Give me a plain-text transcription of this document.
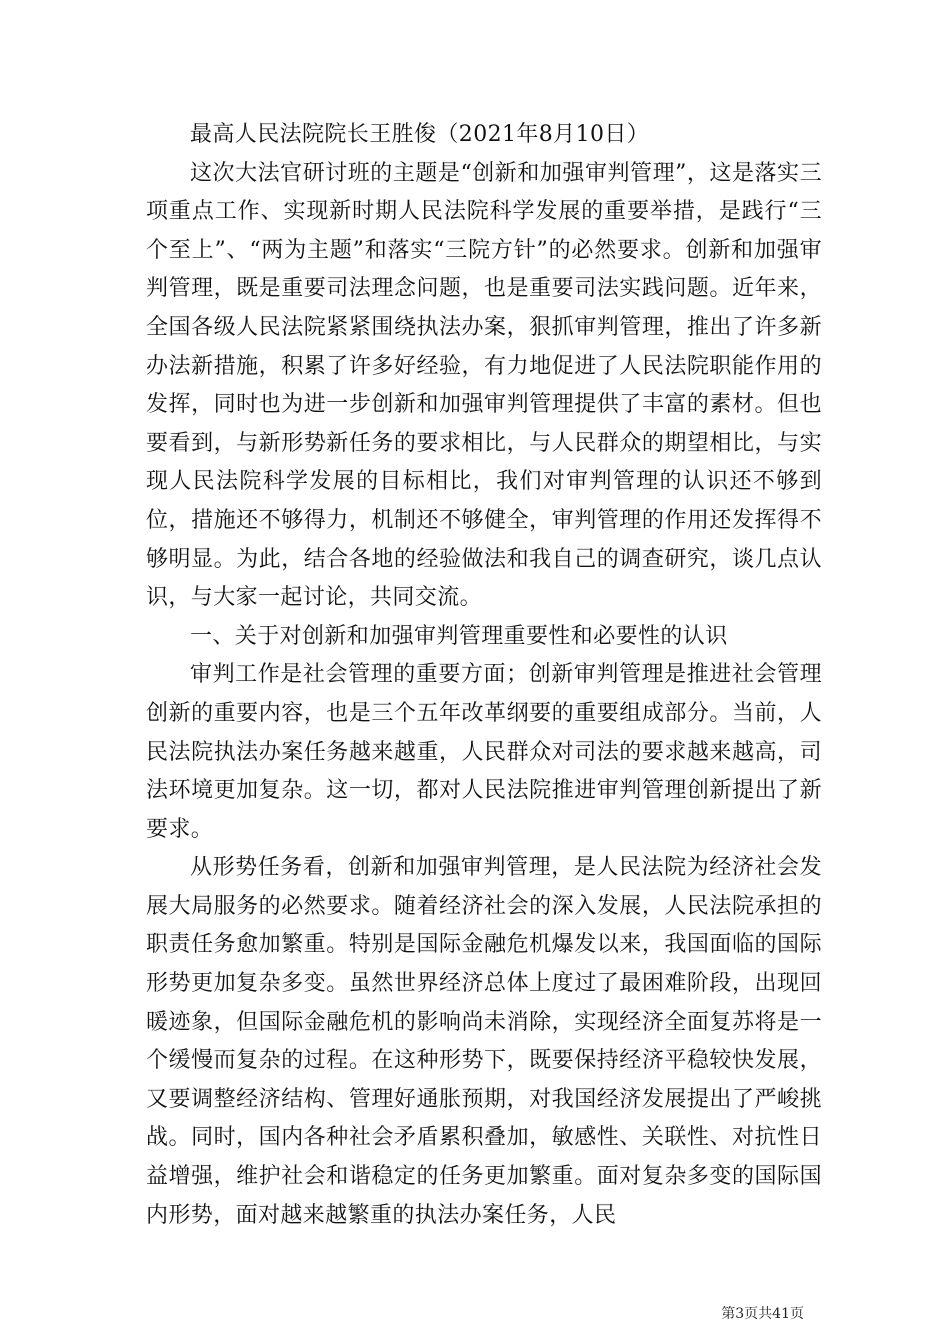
最高人民法院院长王胜俊（2021年8月10日）

这次大法官研讨班的主题是“创新和加强审判管理”，这是落实三项重点工作、实现新时期人民法院科学发展的重要举措，是践行“三个至上”、“两为主题”和落实“三院方针”的必然要求。创新和加强审判管理，既是重要司法理念问题，也是重要司法实践问题。近年来，全国各级人民法院紧紧围绕执法办案，狠抓审判管理，推出了许多新办法新措施，积累了许多好经验，有力地促进了人民法院职能作用的发挥，同时也为进一步创新和加强审判管理提供了丰富的素材。但也要看到，与新形势新任务的要求相比，与人民群众的期望相比，与实现人民法院科学发展的目标相比，我们对审判管理的认识还不够到位，措施还不够得力，机制还不够健全，审判管理的作用还发挥得不够明显。为此，结合各地的经验做法和我自己的调查研究，谈几点认识，与大家一起讨论，共同交流。

一、关于对创新和加强审判管理重要性和必要性的认识

审判工作是社会管理的重要方面；创新审判管理是推进社会管理创新的重要内容，也是三个五年改革纲要的重要组成部分。当前，人民法院执法办案任务越来越重，人民群众对司法的要求越来越高，司法环境更加复杂。这一切，都对人民法院推进审判管理创新提出了新要求。

从形势任务看，创新和加强审判管理，是人民法院为经济社会发展大局服务的必然要求。随着经济社会的深入发展，人民法院承担的职责任务愈加繁重。特别是国际金融危机爆发以来，我国面临的国际形势更加复杂多变。虽然世界经济总体上度过了最困难阶段，出现回暖迹象，但国际金融危机的影响尚未消除，实现经济全面复苏将是一个缓慢而复杂的过程。在这种形势下，既要保持经济平稳较快发展，又要调整经济结构、管理好通胀预期，对我国经济发展提出了严峻挑战。同时，国内各种社会矛盾累积叠加，敏感性、关联性、对抗性日益增强，维护社会和谐稳定的任务更加繁重。面对复杂多变的国际国内形势，面对越来越繁重的执法办案任务，人民

第3页共41页
